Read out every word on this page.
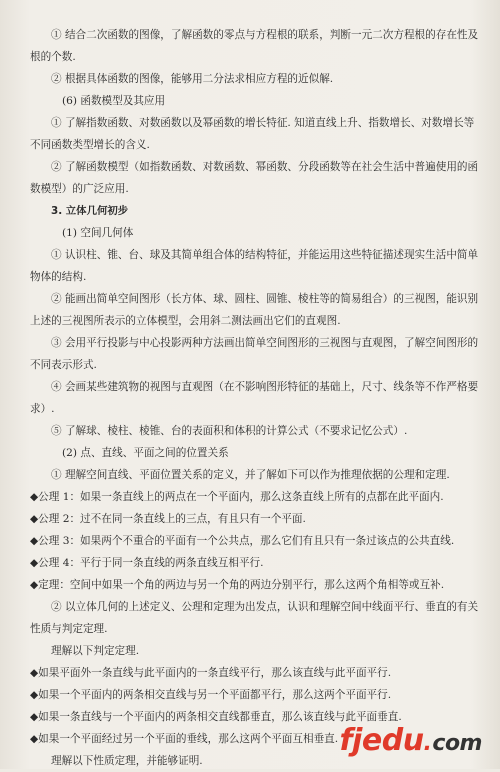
① 结合二次函数的图像，了解函数的零点与方程根的联系，判断一元二次方程根的存在性及根的个数.

② 根据具体函数的图像，能够用二分法求相应方程的近似解.

(6) 函数模型及其应用

① 了解指数函数、对数函数以及幂函数的增长特征. 知道直线上升、指数增长、对数增长等不同函数类型增长的含义.

② 了解函数模型（如指数函数、对数函数、幂函数、分段函数等在社会生活中普遍使用的函数模型）的广泛应用.

3. 立体几何初步

(1) 空间几何体

① 认识柱、锥、台、球及其简单组合体的结构特征，并能运用这些特征描述现实生活中简单物体的结构.

② 能画出简单空间图形（长方体、球、圆柱、圆锥、棱柱等的简易组合）的三视图，能识别上述的三视图所表示的立体模型，会用斜二测法画出它们的直观图.

③ 会用平行投影与中心投影两种方法画出简单空间图形的三视图与直观图，了解空间图形的不同表示形式.

④ 会画某些建筑物的视图与直观图（在不影响图形特征的基础上，尺寸、线条等不作严格要求）.

⑤ 了解球、棱柱、棱锥、台的表面积和体积的计算公式（不要求记忆公式）.

(2) 点、直线、平面之间的位置关系

① 理解空间直线、平面位置关系的定义，并了解如下可以作为推理依据的公理和定理.

◆公理 1：如果一条直线上的两点在一个平面内，那么这条直线上所有的点都在此平面内.

◆公理 2：过不在同一条直线上的三点，有且只有一个平面.

◆公理 3：如果两个不重合的平面有一个公共点，那么它们有且只有一条过该点的公共直线.

◆公理 4：平行于同一条直线的两条直线互相平行.

◆定理：空间中如果一个角的两边与另一个角的两边分别平行，那么这两个角相等或互补.

② 以立体几何的上述定义、公理和定理为出发点，认识和理解空间中线面平行、垂直的有关性质与判定定理.

理解以下判定定理.

◆如果平面外一条直线与此平面内的一条直线平行，那么该直线与此平面平行.

◆如果一个平面内的两条相交直线与另一个平面都平行，那么这两个平面平行.

◆如果一条直线与一个平面内的两条相交直线都垂直，那么该直线与此平面垂直.

◆如果一个平面经过另一个平面的垂线，那么这两个平面互相垂直.

理解以下性质定理，并能够证明.

fjedu . com
